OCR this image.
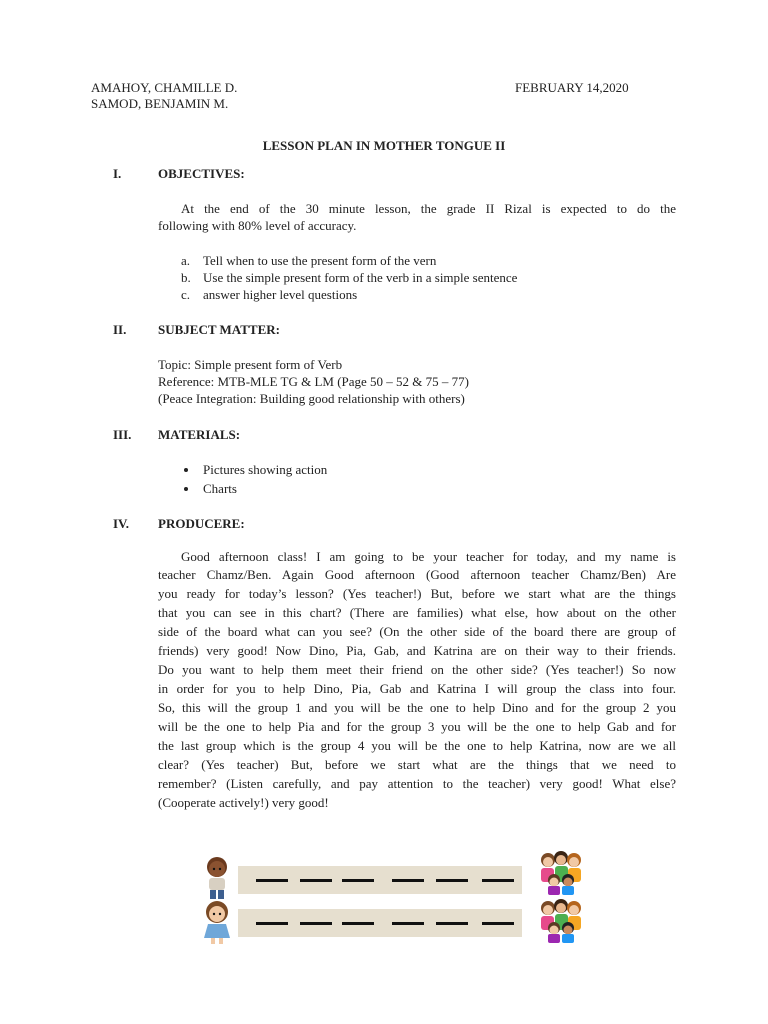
AMAHOY, CHAMILLE D.
SAMOD, BENJAMIN M.
FEBRUARY 14,2020
LESSON PLAN IN MOTHER TONGUE II
I.	OBJECTIVES:
At the end of the 30 minute lesson, the grade II Rizal is expected to do the
following with 80% level of accuracy.
a. Tell when to use the present form of the vern
b. Use the simple present form of the verb in a simple sentence
c. answer higher level questions
II.	SUBJECT MATTER:
Topic: Simple present form of Verb
Reference: MTB-MLE TG & LM (Page 50 – 52 & 75 – 77)
(Peace Integration: Building good relationship with others)
III.	MATERIALS:
Pictures showing action
Charts
IV.	PRODUCERE:
Good afternoon class! I am going to be your teacher for today, and my name is
teacher Chamz/Ben. Again Good afternoon (Good afternoon teacher Chamz/Ben) Are
you ready for today’s lesson? (Yes teacher!) But, before we start what are the things
that you can see in this chart? (There are families) what else, how about on the other
side of the board what can you see? (On the other side of the board there are group of
friends) very good! Now Dino, Pia, Gab, and Katrina are on their way to their friends.
Do you want to help them meet their friend on the other side? (Yes teacher!) So now
in order for you to help Dino, Pia, Gab and Katrina I will group the class into four.
So, this will the group 1 and you will be the one to help Dino and for the group 2 you
will be the one to help Pia and for the group 3 you will be the one to help Gab and for
the last group which is the group 4 you will be the one to help Katrina, now are we all
clear? (Yes teacher) But, before we start what are the things that we need to
remember? (Listen carefully, and pay attention to the teacher) very good! What else?
(Cooperate actively!) very good!
